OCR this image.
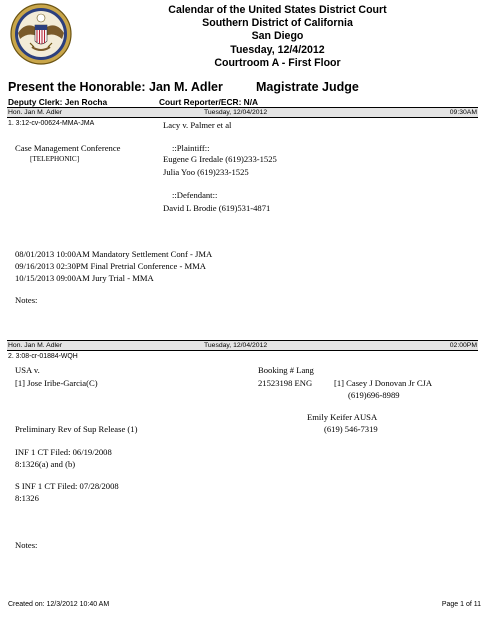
Calendar of the United States District Court
Southern District of California
San Diego
Tuesday, 12/4/2012
Courtroom A - First Floor
Present the Honorable: Jan M. Adler	Magistrate Judge
Deputy Clerk: Jen Rocha	Court Reporter/ECR: N/A
Hon. Jan M. Adler	Tuesday, 12/04/2012	09:30AM
1. 3:12-cv-00624-MMA-JMA	Lacy v. Palmer et al
Case Management Conference
[TELEPHONIC]
::Plaintiff::
Eugene G Iredale (619)233-1525
Julia Yoo (619)233-1525
::Defendant::
David L Brodie (619)531-4871
08/01/2013 10:00AM Mandatory Settlement Conf - JMA
09/16/2013 02:30PM Final Pretrial Conference - MMA
10/15/2013 09:00AM Jury Trial - MMA
Notes:
Hon. Jan M. Adler	Tuesday, 12/04/2012	02:00PM
2. 3:08-cr-01884-WQH
USA v.
[1] Jose Iribe-Garcia(C)
Booking # Lang
21523198 ENG	[1] Casey J Donovan Jr CJA
(619)696-8989
Emily Keifer AUSA
(619) 546-7319
Preliminary Rev of Sup Release (1)
INF 1 CT Filed: 06/19/2008
8:1326(a) and (b)
S INF 1 CT Filed: 07/28/2008
8:1326
Notes:
Created on: 12/3/2012 10:40 AM	Page 1 of 11
